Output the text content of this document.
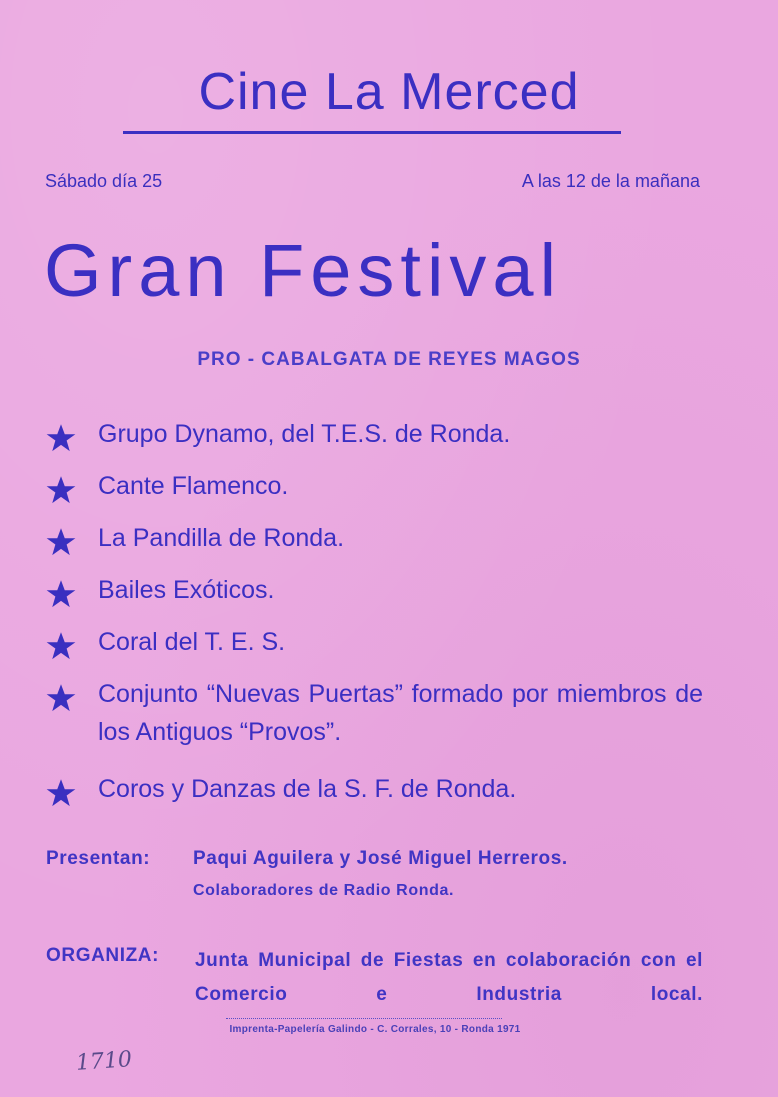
Cine La Merced
Sábado día 25	A las 12 de la mañana
Gran Festival
PRO - CABALGATA DE REYES MAGOS
Grupo Dynamo, del T.E.S. de Ronda.
Cante Flamenco.
La Pandilla de Ronda.
Bailes Exóticos.
Coral del T. E. S.
Conjunto “Nuevas Puertas” formado por miembros de los Antiguos “Provos”.
Coros y Danzas de la S. F. de Ronda.
Presentan: Paqui Aguilera y José Miguel Herreros.
Colaboradores de Radio Ronda.
ORGANIZA: Junta Municipal de Fiestas en colaboración con el Comercio e Industria local.
Imprenta-Papelería Galindo - C. Corrales, 10 - Ronda 1971
1710
